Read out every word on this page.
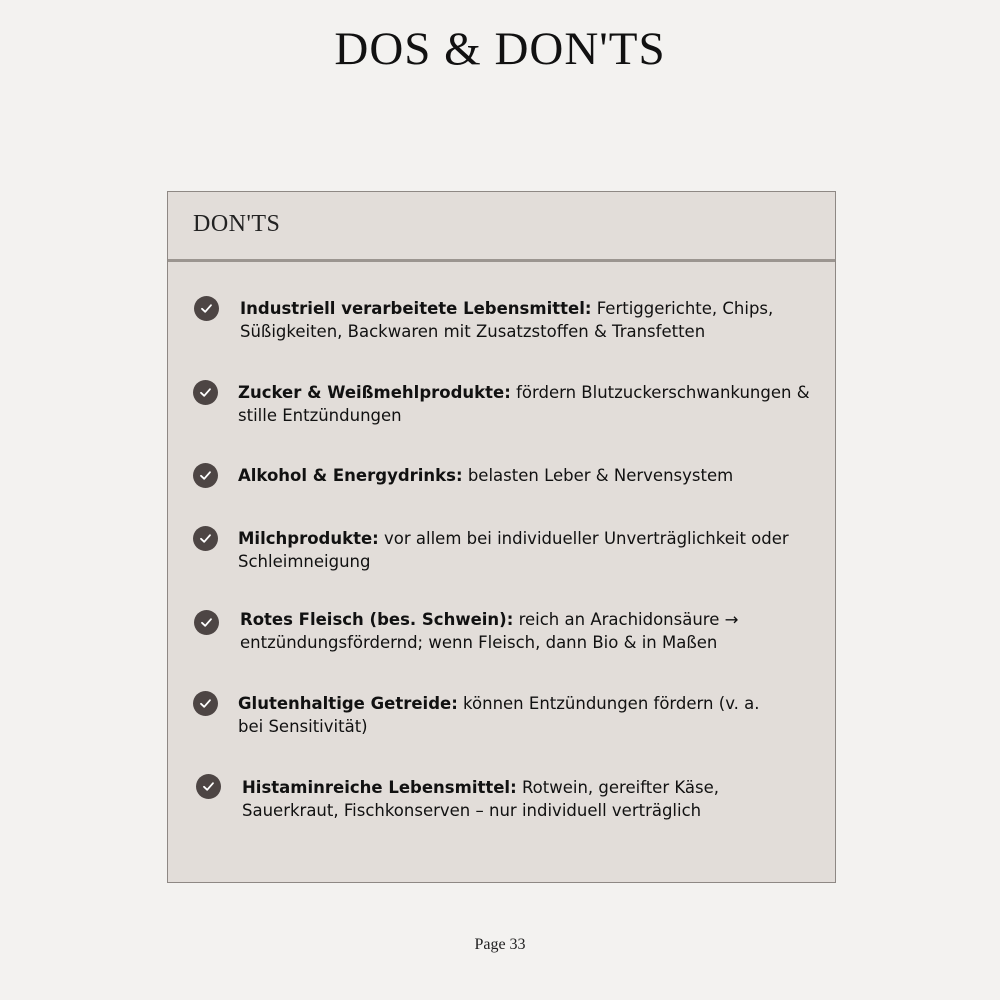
DOS & DON'TS
DON'TS
Industriell verarbeitete Lebensmittel: Fertiggerichte, Chips, Süßigkeiten, Backwaren mit Zusatzstoffen & Transfetten
Zucker & Weißmehlprodukte: fördern Blutzuckerschwankungen & stille Entzündungen
Alkohol & Energydrinks: belasten Leber & Nervensystem
Milchprodukte: vor allem bei individueller Unverträglichkeit oder Schleimneigung
Rotes Fleisch (bes. Schwein): reich an Arachidonsäure → entzündungsfördernd; wenn Fleisch, dann Bio & in Maßen
Glutenhaltige Getreide: können Entzündungen fördern (v. a. bei Sensitivität)
Histaminreiche Lebensmittel: Rotwein, gereifter Käse, Sauerkraut, Fischkonserven – nur individuell verträglich
Page 33
